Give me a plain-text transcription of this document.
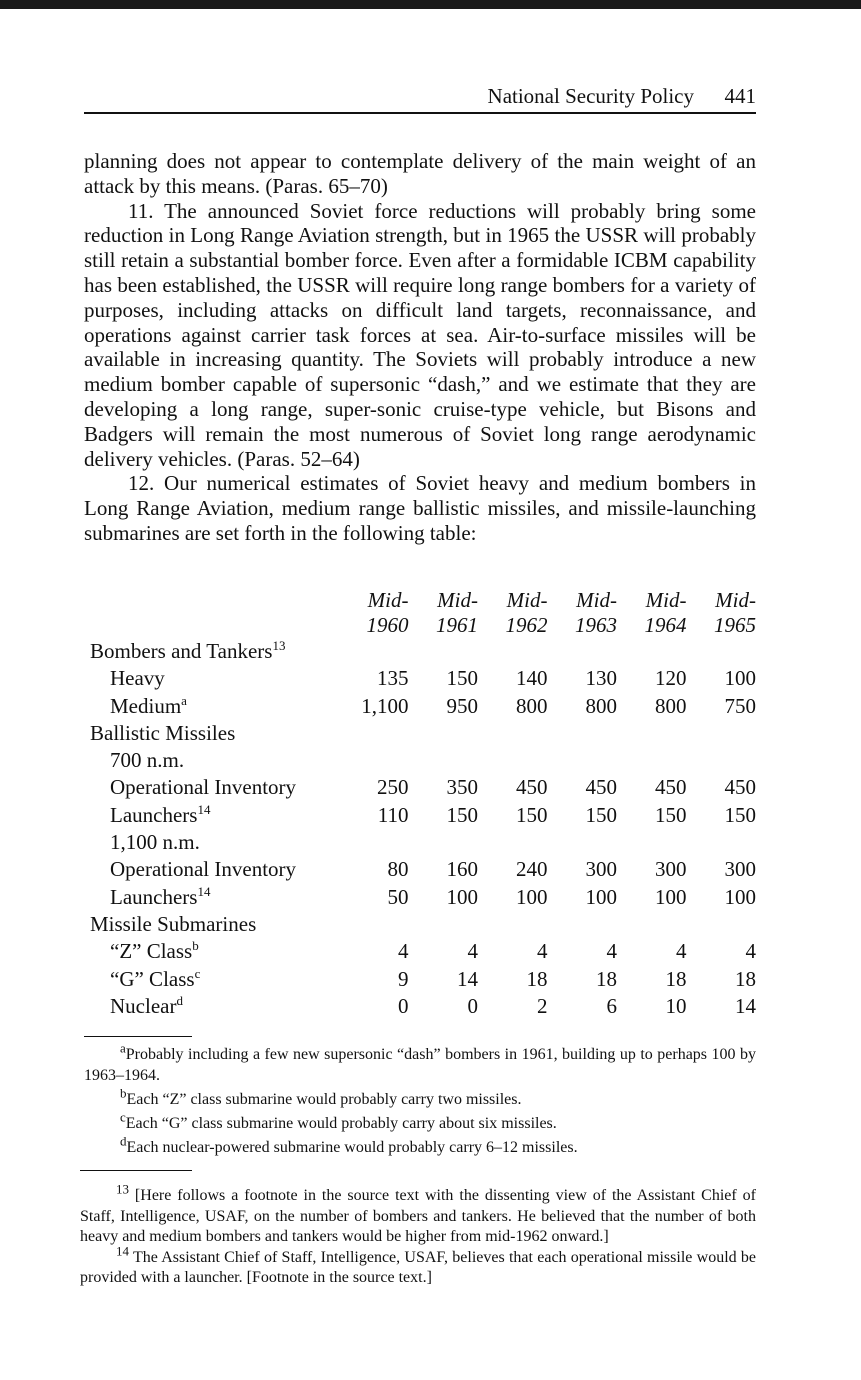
National Security Policy 441

planning does not appear to contemplate delivery of the main weight of an attack by this means. (Paras. 65–70)

11. The announced Soviet force reductions will probably bring some reduction in Long Range Aviation strength, but in 1965 the USSR will probably still retain a substantial bomber force. Even after a formidable ICBM capability has been established, the USSR will require long range bombers for a variety of purposes, including attacks on difficult land targets, reconnaissance, and operations against carrier task forces at sea. Air-to-surface missiles will be available in increasing quantity. The Soviets will probably introduce a new medium bomber capable of supersonic “dash,” and we estimate that they are developing a long range, super-sonic cruise-type vehicle, but Bisons and Badgers will remain the most numerous of Soviet long range aerodynamic delivery vehicles. (Paras. 52–64)

12. Our numerical estimates of Soviet heavy and medium bombers in Long Range Aviation, medium range ballistic missiles, and missile-launching submarines are set forth in the following table:

	Mid-	Mid-	Mid-	Mid-	Mid-	Mid-
	1960	1961	1962	1963	1964	1965
Bombers and Tankers$^{13}$
Heavy	135	150	140	130	120	100
Medium$^a$	1,100	950	800	800	800	750
Ballistic Missiles						
700 n.m.						
Operational Inventory	250	350	450	450	450	450
Launchers$^{14}$	110	150	150	150	150	150
1,100 n.m.						
Operational Inventory	80	160	240	300	300	300
Launchers$^{14}$	50	100	100	100	100	100
Missile Submarines						
“Z” Class$^b$	4	4	4	4	4	4
“G” Class$^c$	9	14	18	18	18	18
Nuclear$^d$	0	0	2	6	10	14
$^a$Probably including a few new supersonic “dash” bombers in 1961, building up to perhaps 100 by 1963–1964.
$^b$Each “Z” class submarine would probably carry two missiles.
$^c$Each “G” class submarine would probably carry about six missiles.
$^d$Each nuclear-powered submarine would probably carry 6–12 missiles.

$^{13}$ [Here follows a footnote in the source text with the dissenting view of the Assistant Chief of Staff, Intelligence, USAF, on the number of bombers and tankers. He believed that the number of both heavy and medium bombers and tankers would be higher from mid-1962 onward.]

$^{14}$ The Assistant Chief of Staff, Intelligence, USAF, believes that each operational missile would be provided with a launcher. [Footnote in the source text.]
